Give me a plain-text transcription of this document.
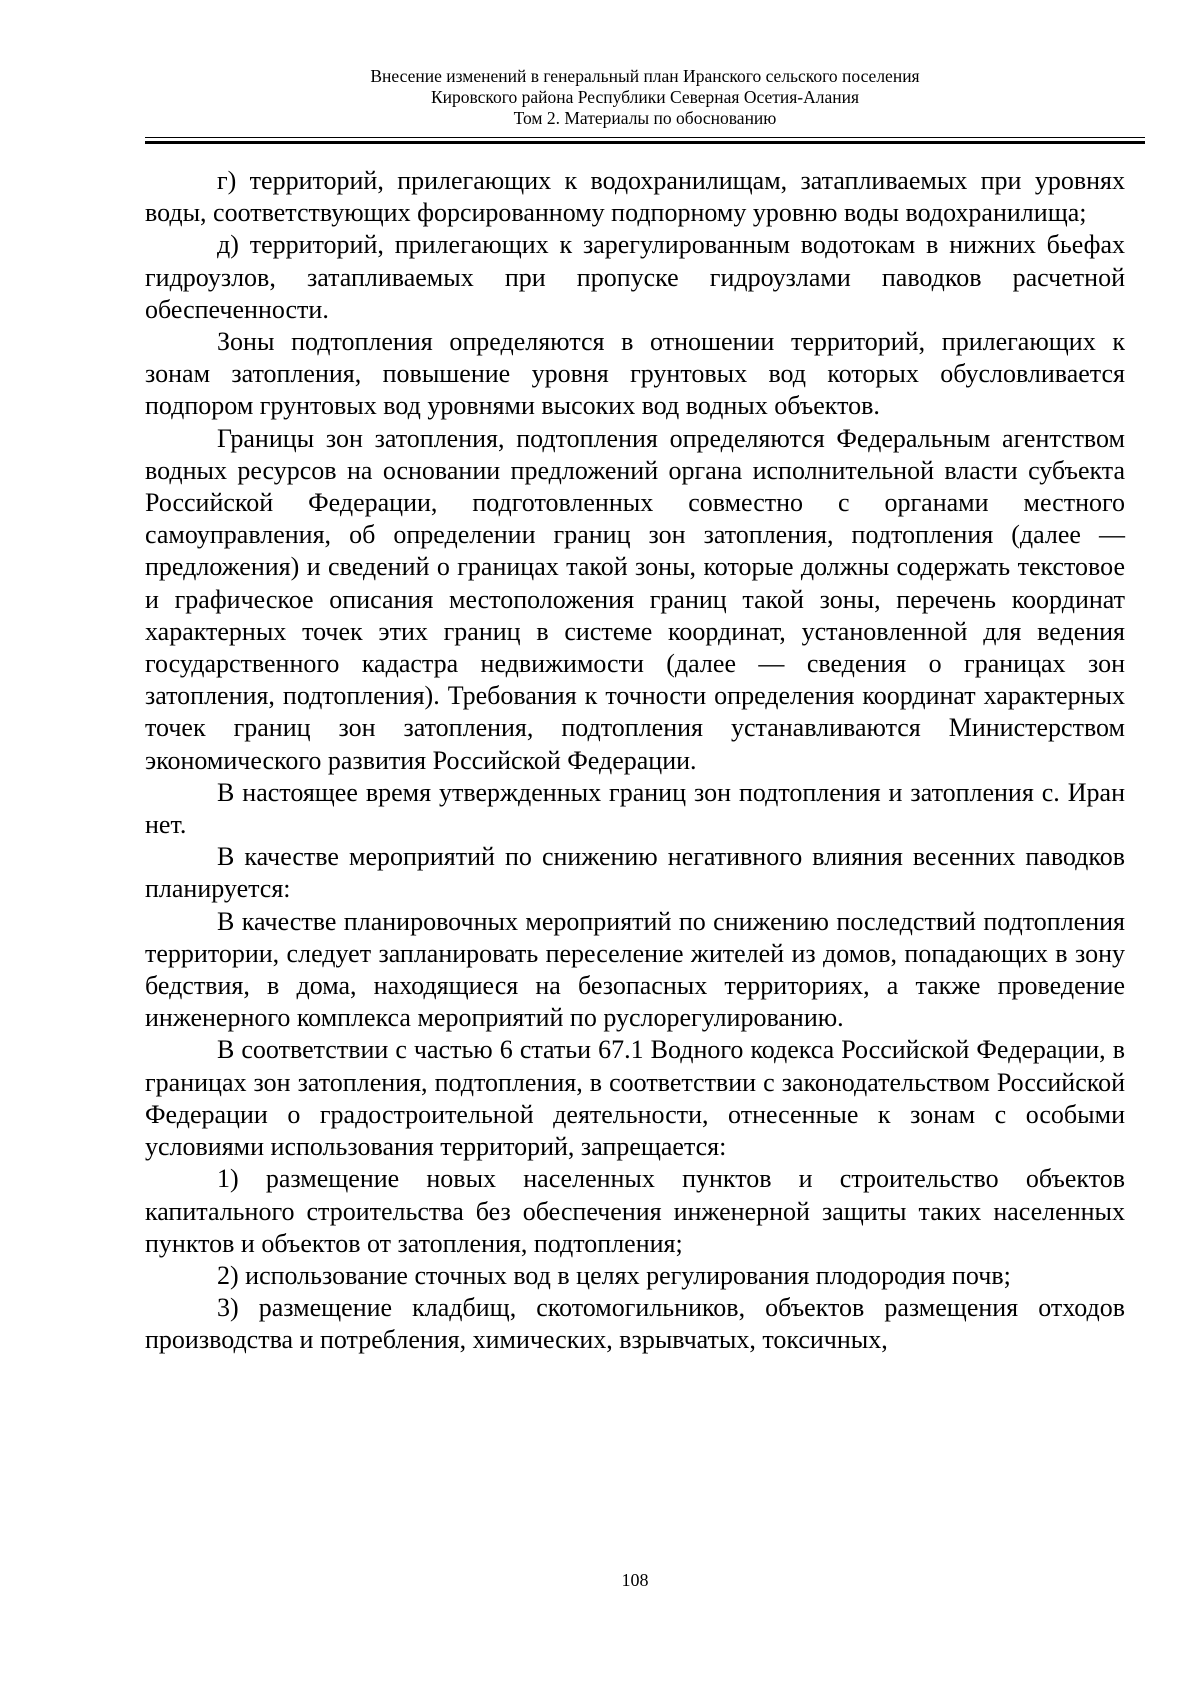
Внесение изменений в генеральный план Иранского сельского поселения
Кировского района Республики Северная Осетия-Алания
Том 2. Материалы по обоснованию

г) территорий, прилегающих к водохранилищам, затапливаемых при уровнях воды, соответствующих форсированному подпорному уровню воды водохранилища;

д) территорий, прилегающих к зарегулированным водотокам в нижних бьефах гидроузлов, затапливаемых при пропуске гидроузлами паводков расчетной обеспеченности.

Зоны подтопления определяются в отношении территорий, прилегающих к зонам затопления, повышение уровня грунтовых вод которых обусловливается подпором грунтовых вод уровнями высоких вод водных объектов.

Границы зон затопления, подтопления определяются Федеральным агентством водных ресурсов на основании предложений органа исполнительной власти субъекта Российской Федерации, подготовленных совместно с органами местного самоуправления, об определении границ зон затопления, подтопления (далее — предложения) и сведений о границах такой зоны, которые должны содержать текстовое и графическое описания местоположения границ такой зоны, перечень координат характерных точек этих границ в системе координат, установленной для ведения государственного кадастра недвижимости (далее — сведения о границах зон затопления, подтопления). Требования к точности определения координат характерных точек границ зон затопления, подтопления устанавливаются Министерством экономического развития Российской Федерации.

В настоящее время утвержденных границ зон подтопления и затопления с. Иран нет.

В качестве мероприятий по снижению негативного влияния весенних паводков планируется:

В качестве планировочных мероприятий по снижению последствий подтопления территории, следует запланировать переселение жителей из домов, попадающих в зону бедствия, в дома, находящиеся на безопасных территориях, а также проведение инженерного комплекса мероприятий по руслорегулированию.

В соответствии с частью 6 статьи 67.1 Водного кодекса Российской Федерации, в границах зон затопления, подтопления, в соответствии с законодательством Российской Федерации о градостроительной деятельности, отнесенные к зонам с особыми условиями использования территорий, запрещается:

1) размещение новых населенных пунктов и строительство объектов капитального строительства без обеспечения инженерной защиты таких населенных пунктов и объектов от затопления, подтопления;

2) использование сточных вод в целях регулирования плодородия почв;

3) размещение кладбищ, скотомогильников, объектов размещения отходов производства и потребления, химических, взрывчатых, токсичных,

108
